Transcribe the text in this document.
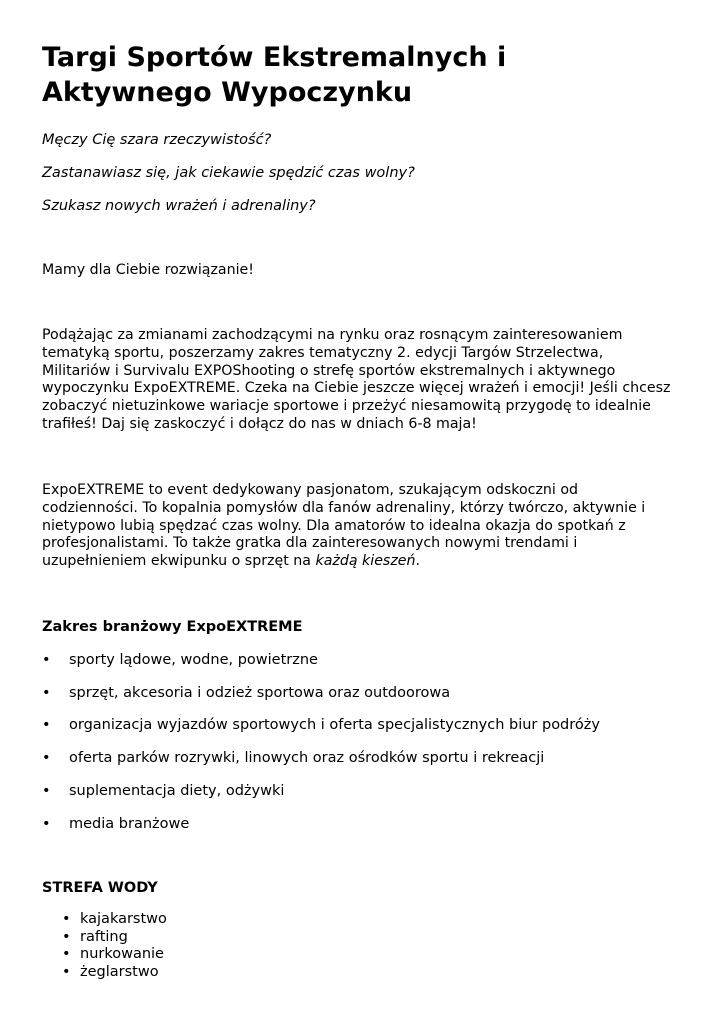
Targi Sportów Ekstremalnych i Aktywnego Wypoczynku

Męczy Cię szara rzeczywistość?

Zastanawiasz się, jak ciekawie spędzić czas wolny?

Szukasz nowych wrażeń i adrenaliny?

Mamy dla Ciebie rozwiązanie!

Podążając za zmianami zachodzącymi na rynku oraz rosnącym zainteresowaniem tematyką sportu, poszerzamy zakres tematyczny 2. edycji Targów Strzelectwa, Militariów i Survivalu EXPOShooting o strefę sportów ekstremalnych i aktywnego wypoczynku ExpoEXTREME. Czeka na Ciebie jeszcze więcej wrażeń i emocji! Jeśli chcesz zobaczyć nietuzinkowe wariacje sportowe i przeżyć niesamowitą przygodę to idealnie trafiłeś! Daj się zaskoczyć i dołącz do nas w dniach 6-8 maja!

ExpoEXTREME to event dedykowany pasjonatom, szukającym odskoczni od codzienności. To kopalnia pomysłów dla fanów adrenaliny, którzy twórczo, aktywnie i nietypowo lubią spędzać czas wolny. Dla amatorów to idealna okazja do spotkań z profesjonalistami. To także gratka dla zainteresowanych nowymi trendami i uzupełnieniem ekwipunku o sprzęt na każdą kieszeń.

Zakres branżowy ExpoEXTREME

• sporty lądowe, wodne, powietrzne
• sprzęt, akcesoria i odzież sportowa oraz outdoorowa
• organizacja wyjazdów sportowych i oferta specjalistycznych biur podróży
• oferta parków rozrywki, linowych oraz ośrodków sportu i rekreacji
• suplementacja diety, odżywki
• media branżowe

STREFA WODY

• kajakarstwo
• rafting
• nurkowanie
• żeglarstwo
